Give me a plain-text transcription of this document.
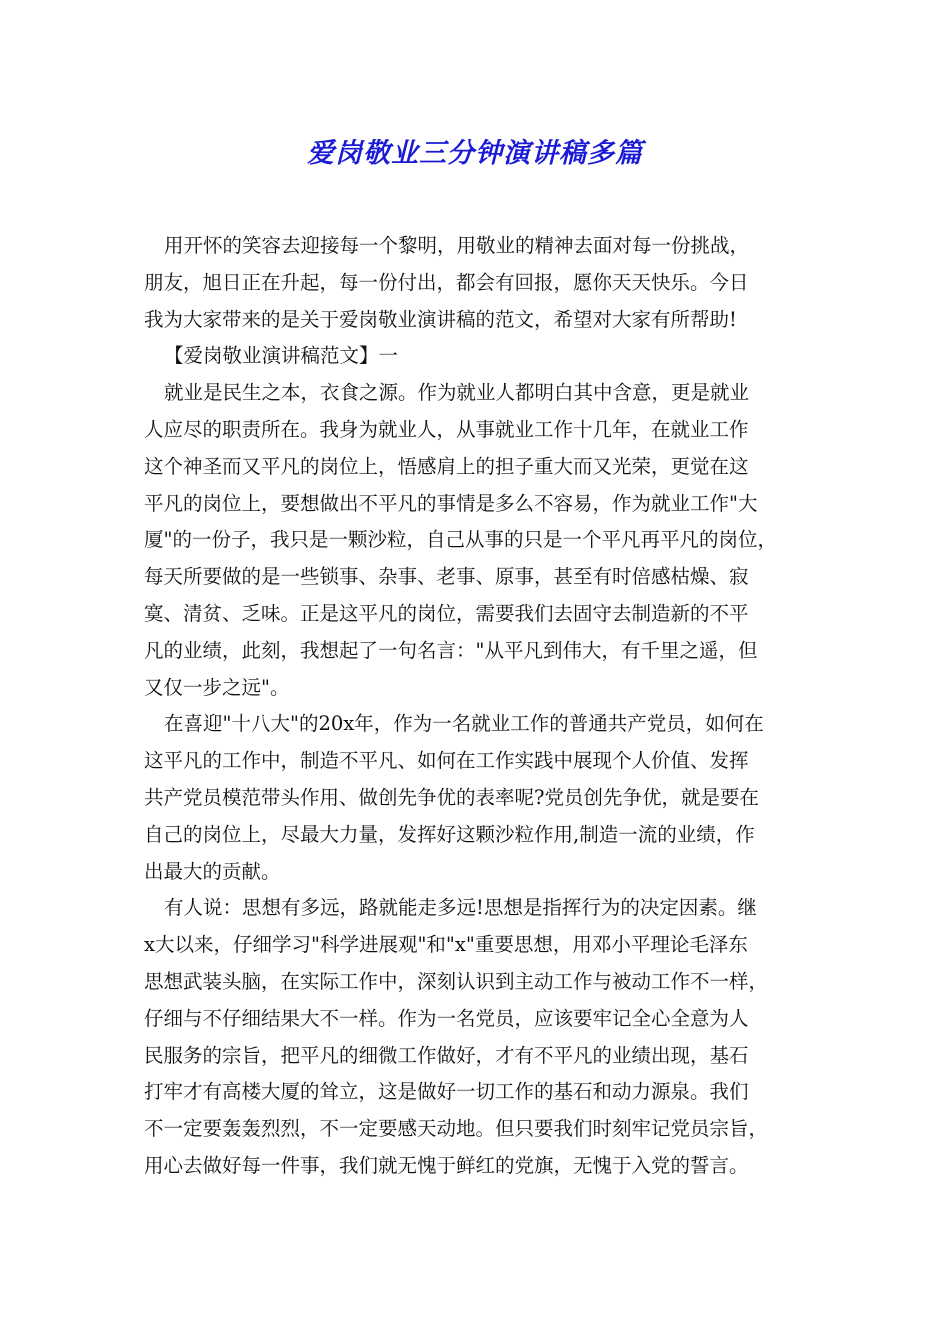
爱岗敬业三分钟演讲稿多篇
用开怀的笑容去迎接每一个黎明，用敬业的精神去面对每一份挑战，
朋友，旭日正在升起，每一份付出，都会有回报，愿你天天快乐。今日
我为大家带来的是关于爱岗敬业演讲稿的范文，希望对大家有所帮助!
【爱岗敬业演讲稿范文】一
就业是民生之本，衣食之源。作为就业人都明白其中含意，更是就业
人应尽的职责所在。我身为就业人，从事就业工作十几年，在就业工作
这个神圣而又平凡的岗位上，悟感肩上的担子重大而又光荣，更觉在这
平凡的岗位上，要想做出不平凡的事情是多么不容易，作为就业工作"大
厦"的一份子，我只是一颗沙粒，自己从事的只是一个平凡再平凡的岗位，
每天所要做的是一些锁事、杂事、老事、原事，甚至有时倍感枯燥、寂
寞、清贫、乏味。正是这平凡的岗位，需要我们去固守去制造新的不平
凡的业绩，此刻，我想起了一句名言："从平凡到伟大，有千里之遥，但
又仅一步之远"。
在喜迎"十八大"的20x年，作为一名就业工作的普通共产党员，如何在
这平凡的工作中，制造不平凡、如何在工作实践中展现个人价值、发挥
共产党员模范带头作用、做创先争优的表率呢?党员创先争优，就是要在
自己的岗位上，尽最大力量，发挥好这颗沙粒作用,制造一流的业绩，作
出最大的贡献。
有人说：思想有多远，路就能走多远!思想是指挥行为的决定因素。继
x大以来，仔细学习"科学进展观"和"x"重要思想，用邓小平理论毛泽东
思想武装头脑，在实际工作中，深刻认识到主动工作与被动工作不一样，
仔细与不仔细结果大不一样。作为一名党员，应该要牢记全心全意为人
民服务的宗旨，把平凡的细微工作做好，才有不平凡的业绩出现，基石
打牢才有高楼大厦的耸立，这是做好一切工作的基石和动力源泉。我们
不一定要轰轰烈烈，不一定要感天动地。但只要我们时刻牢记党员宗旨，
用心去做好每一件事，我们就无愧于鲜红的党旗，无愧于入党的誓言。
